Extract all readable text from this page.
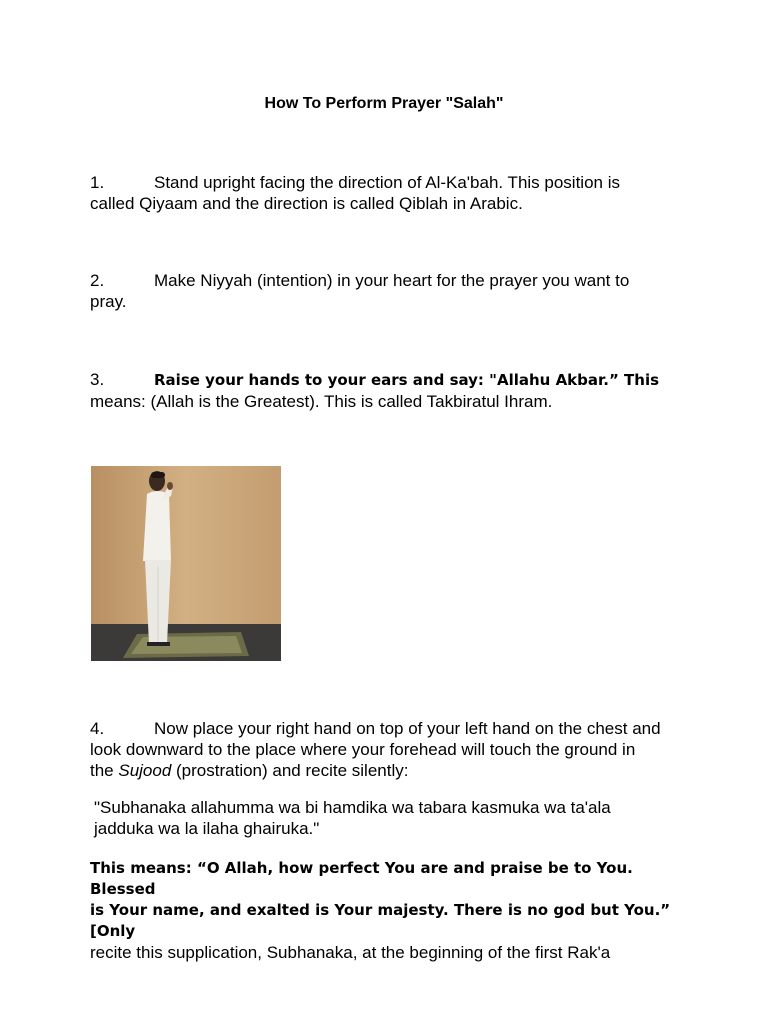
How To Perform Prayer "Salah"
1.	Stand upright facing the direction of Al-Ka'bah. This position is
called Qiyaam and the direction is called Qiblah in Arabic.
2.	Make Niyyah (intention) in your heart for the prayer you want to
pray.
3.	Raise your hands to your ears and say: "Allahu Akbar.” This
means: (Allah is the Greatest). This is called Takbiratul Ihram.
4.	Now place your right hand on top of your left hand on the chest and
look downward to the place where your forehead will touch the ground in
the Sujood (prostration) and recite silently:
"Subhanaka allahumma wa bi hamdika wa tabara kasmuka wa ta'ala
jadduka wa la ilaha ghairuka."
This means: “O Allah, how perfect You are and praise be to You. Blessed
is Your name, and exalted is Your majesty. There is no god but You.” [Only
recite this supplication, Subhanaka, at the beginning of the first Rak'a
